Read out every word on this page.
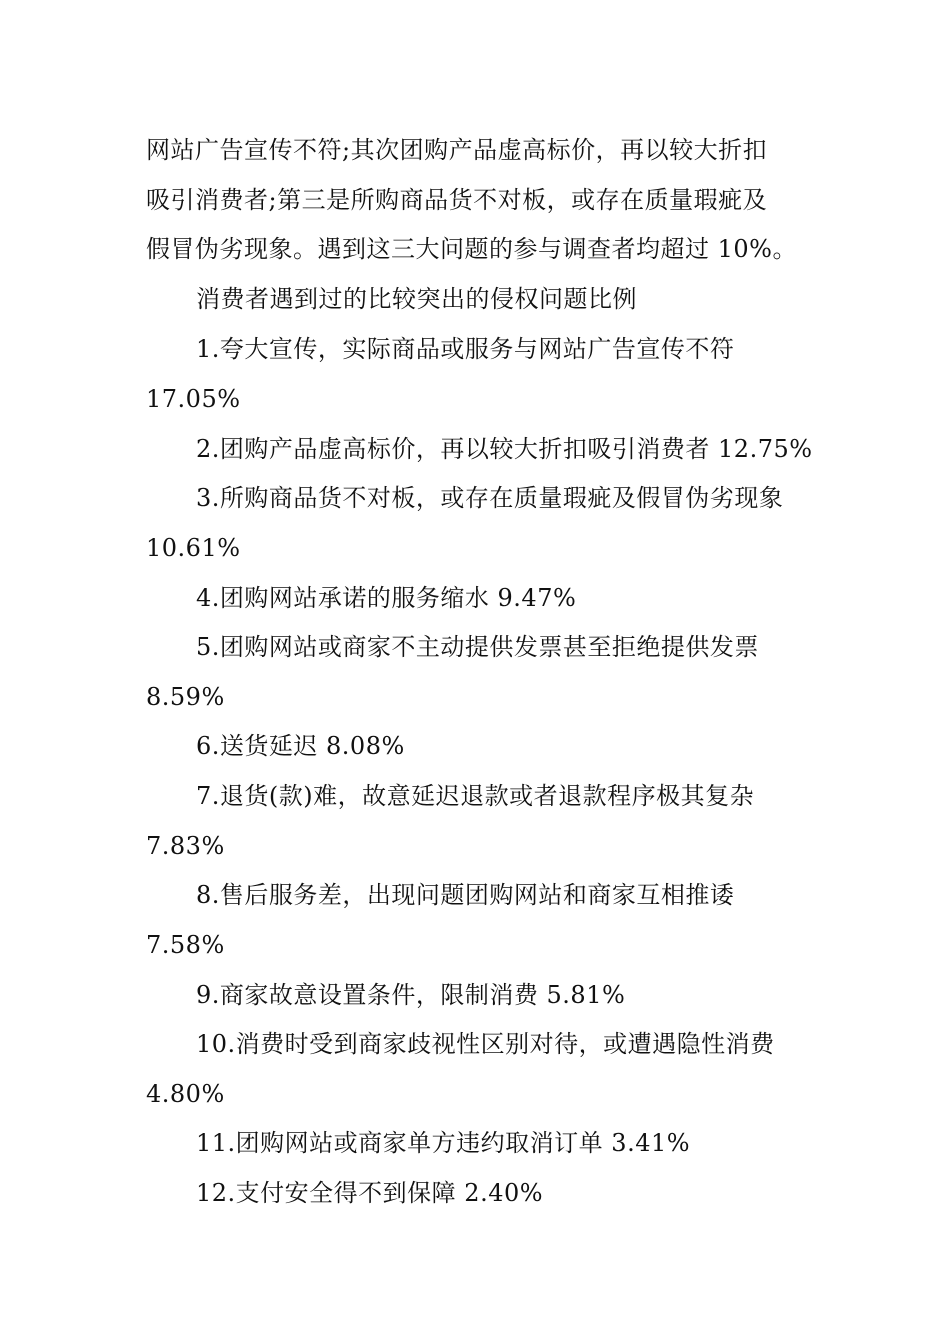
网站广告宣传不符;其次团购产品虚高标价，再以较大折扣
吸引消费者;第三是所购商品货不对板，或存在质量瑕疵及
假冒伪劣现象。遇到这三大问题的参与调查者均超过 10%。
消费者遇到过的比较突出的侵权问题比例
1.夸大宣传，实际商品或服务与网站广告宣传不符
17.05%
2.团购产品虚高标价，再以较大折扣吸引消费者 12.75%
3.所购商品货不对板，或存在质量瑕疵及假冒伪劣现象
10.61%
4.团购网站承诺的服务缩水 9.47%
5.团购网站或商家不主动提供发票甚至拒绝提供发票
8.59%
6.送货延迟 8.08%
7.退货(款)难，故意延迟退款或者退款程序极其复杂
7.83%
8.售后服务差，出现问题团购网站和商家互相推诿
7.58%
9.商家故意设置条件，限制消费 5.81%
10.消费时受到商家歧视性区别对待，或遭遇隐性消费
4.80%
11.团购网站或商家单方违约取消订单 3.41%
12.支付安全得不到保障 2.40%
